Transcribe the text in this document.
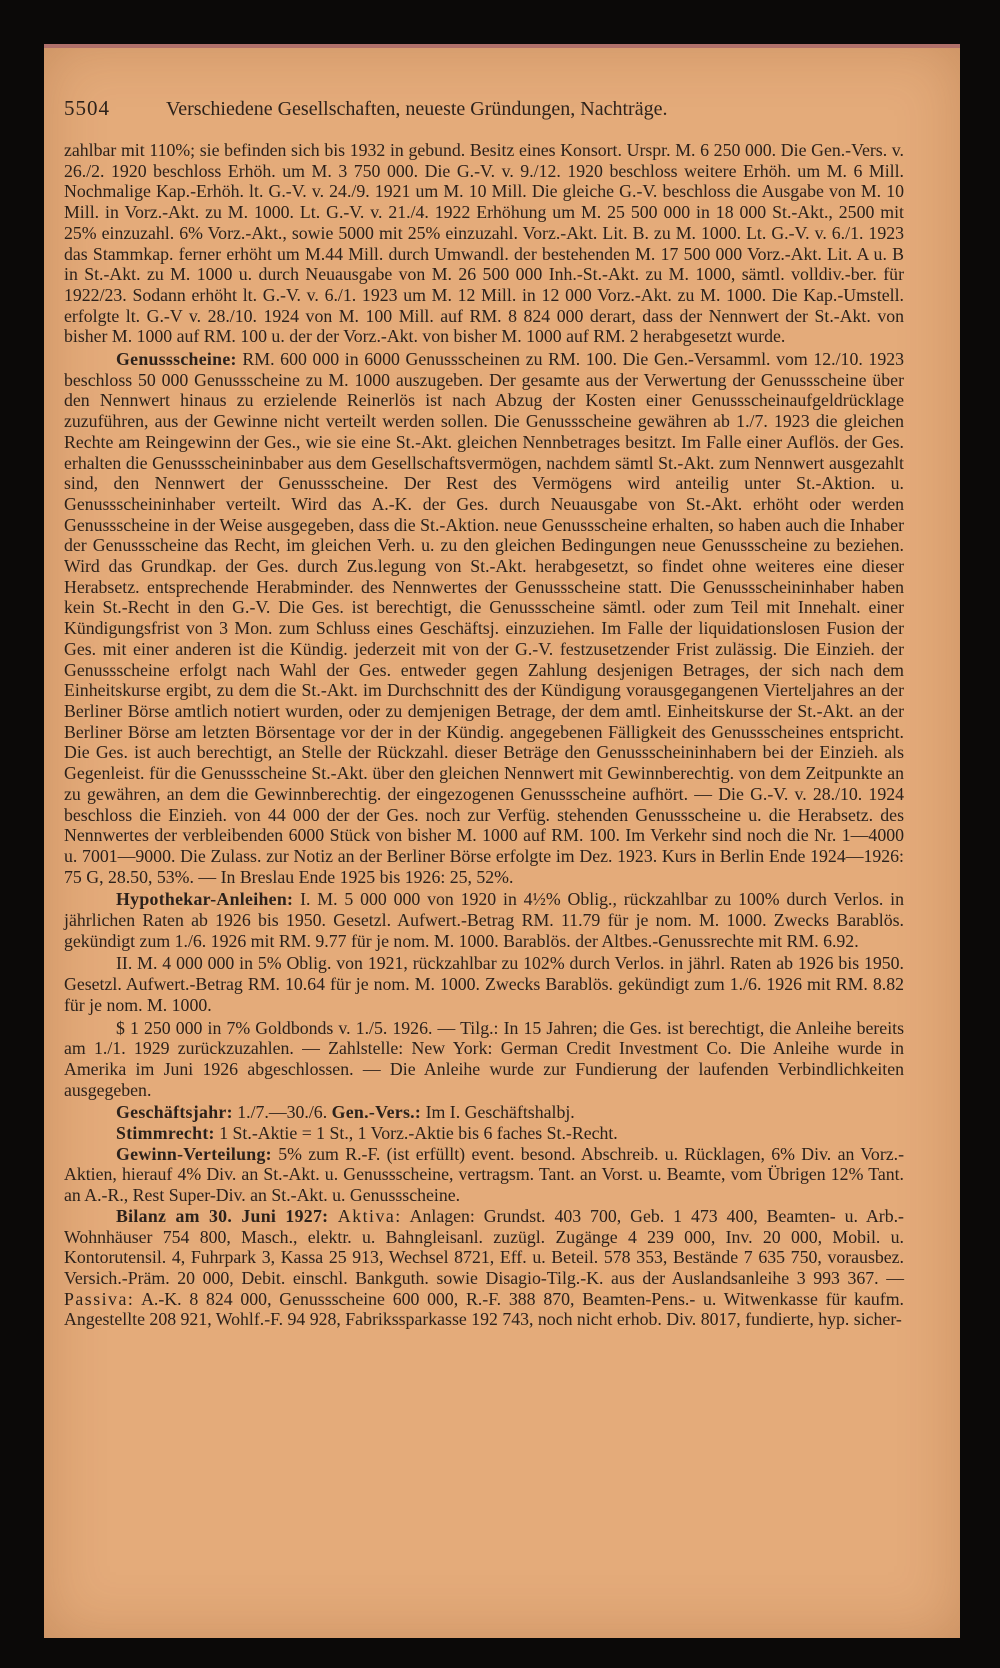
5504	Verschiedene Gesellschaften, neueste Gründungen, Nachträge.

zahlbar mit 110%; sie befinden sich bis 1932 in gebund. Besitz eines Konsort. Urspr. M. 6 250 000. Die Gen.-Vers. v. 26./2. 1920 beschloss Erhöh. um M. 3 750 000. Die G.-V. v. 9./12. 1920 beschloss weitere Erhöh. um M. 6 Mill. Nochmalige Kap.-Erhöh. lt. G.-V. v. 24./9. 1921 um M. 10 Mill. Die gleiche G.-V. beschloss die Ausgabe von M. 10 Mill. in Vorz.-Akt. zu M. 1000. Lt. G.-V. v. 21./4. 1922 Erhöhung um M. 25 500 000 in 18 000 St.-Akt., 2500 mit 25% einzuzahl. 6% Vorz.-Akt., sowie 5000 mit 25% einzuzahl. Vorz.-Akt. Lit. B. zu M. 1000. Lt. G.-V. v. 6./1. 1923 das Stammkap. ferner erhöht um M.44 Mill. durch Umwandl. der bestehenden M. 17 500 000 Vorz.-Akt. Lit. A u. B in St.-Akt. zu M. 1000 u. durch Neuausgabe von M. 26 500 000 Inh.-St.-Akt. zu M. 1000, sämtl. volldiv.-ber. für 1922/23. Sodann erhöht lt. G.-V. v. 6./1. 1923 um M. 12 Mill. in 12 000 Vorz.-Akt. zu M. 1000. Die Kap.-Umstell. erfolgte lt. G.-V v. 28./10. 1924 von M. 100 Mill. auf RM. 8 824 000 derart, dass der Nennwert der St.-Akt. von bisher M. 1000 auf RM. 100 u. der der Vorz.-Akt. von bisher M. 1000 auf RM. 2 herabgesetzt wurde.

Genussscheine: RM. 600 000 in 6000 Genussscheinen zu RM. 100. Die Gen.-Versamml. vom 12./10. 1923 beschloss 50 000 Genussscheine zu M. 1000 auszugeben. Der gesamte aus der Verwertung der Genussscheine über den Nennwert hinaus zu erzielende Reinerlös ist nach Abzug der Kosten einer Genussscheinaufgeldrücklage zuzuführen, aus der Gewinne nicht verteilt werden sollen. Die Genussscheine gewähren ab 1./7. 1923 die gleichen Rechte am Reingewinn der Ges., wie sie eine St.-Akt. gleichen Nennbetrages besitzt. Im Falle einer Auflös. der Ges. erhalten die Genussscheininbaber aus dem Gesellschaftsvermögen, nachdem sämtl St.-Akt. zum Nennwert ausgezahlt sind, den Nennwert der Genussscheine. Der Rest des Vermögens wird anteilig unter St.-Aktion. u. Genussscheininhaber verteilt. Wird das A.-K. der Ges. durch Neuausgabe von St.-Akt. erhöht oder werden Genussscheine in der Weise ausgegeben, dass die St.-Aktion. neue Genussscheine erhalten, so haben auch die Inhaber der Genussscheine das Recht, im gleichen Verh. u. zu den gleichen Bedingungen neue Genussscheine zu beziehen. Wird das Grundkap. der Ges. durch Zus.legung von St.-Akt. herabgesetzt, so findet ohne weiteres eine dieser Herabsetz. entsprechende Herabminder. des Nennwertes der Genussscheine statt. Die Genussscheininhaber haben kein St.-Recht in den G.-V. Die Ges. ist berechtigt, die Genussscheine sämtl. oder zum Teil mit Innehalt. einer Kündigungsfrist von 3 Mon. zum Schluss eines Geschäftsj. einzuziehen. Im Falle der liquidationslosen Fusion der Ges. mit einer anderen ist die Kündig. jederzeit mit von der G.-V. festzusetzender Frist zulässig. Die Einzieh. der Genussscheine erfolgt nach Wahl der Ges. entweder gegen Zahlung desjenigen Betrages, der sich nach dem Einheitskurse ergibt, zu dem die St.-Akt. im Durchschnitt des der Kündigung vorausgegangenen Vierteljahres an der Berliner Börse amtlich notiert wurden, oder zu demjenigen Betrage, der dem amtl. Einheitskurse der St.-Akt. an der Berliner Börse am letzten Börsentage vor der in der Kündig. angegebenen Fälligkeit des Genussscheines entspricht. Die Ges. ist auch berechtigt, an Stelle der Rückzahl. dieser Beträge den Genussscheininhabern bei der Einzieh. als Gegenleist. für die Genussscheine St.-Akt. über den gleichen Nennwert mit Gewinnberechtig. von dem Zeitpunkte an zu gewähren, an dem die Gewinnberechtig. der eingezogenen Genussscheine aufhört. — Die G.-V. v. 28./10. 1924 beschloss die Einzieh. von 44 000 der der Ges. noch zur Verfüg. stehenden Genussscheine u. die Herabsetz. des Nennwertes der verbleibenden 6000 Stück von bisher M. 1000 auf RM. 100. Im Verkehr sind noch die Nr. 1—4000 u. 7001—9000. Die Zulass. zur Notiz an der Berliner Börse erfolgte im Dez. 1923. Kurs in Berlin Ende 1924—1926: 75 G, 28.50, 53%. — In Breslau Ende 1925 bis 1926: 25, 52%.

Hypothekar-Anleihen: I. M. 5 000 000 von 1920 in 4½% Oblig., rückzahlbar zu 100% durch Verlos. in jährlichen Raten ab 1926 bis 1950. Gesetzl. Aufwert.-Betrag RM. 11.79 für je nom. M. 1000. Zwecks Barablös. gekündigt zum 1./6. 1926 mit RM. 9.77 für je nom. M. 1000. Barablös. der Altbes.-Genussrechte mit RM. 6.92.

II. M. 4 000 000 in 5% Oblig. von 1921, rückzahlbar zu 102% durch Verlos. in jährl. Raten ab 1926 bis 1950. Gesetzl. Aufwert.-Betrag RM. 10.64 für je nom. M. 1000. Zwecks Barablös. gekündigt zum 1./6. 1926 mit RM. 8.82 für je nom. M. 1000.

$ 1 250 000 in 7% Goldbonds v. 1./5. 1926. — Tilg.: In 15 Jahren; die Ges. ist berechtigt, die Anleihe bereits am 1./1. 1929 zurückzuzahlen. — Zahlstelle: New York: German Credit Investment Co. Die Anleihe wurde in Amerika im Juni 1926 abgeschlossen. — Die Anleihe wurde zur Fundierung der laufenden Verbindlichkeiten ausgegeben.

Geschäftsjahr: 1./7.—30./6. Gen.-Vers.: Im I. Geschäftshalbj.

Stimmrecht: 1 St.-Aktie = 1 St., 1 Vorz.-Aktie bis 6 faches St.-Recht.

Gewinn-Verteilung: 5% zum R.-F. (ist erfüllt) event. besond. Abschreib. u. Rücklagen, 6% Div. an Vorz.-Aktien, hierauf 4% Div. an St.-Akt. u. Genussscheine, vertragsm. Tant. an Vorst. u. Beamte, vom Übrigen 12% Tant. an A.-R., Rest Super-Div. an St.-Akt. u. Genussscheine.

Bilanz am 30. Juni 1927: Aktiva: Anlagen: Grundst. 403 700, Geb. 1 473 400, Beamten- u. Arb.-Wohnhäuser 754 800, Masch., elektr. u. Bahngleisanl. zuzügl. Zugänge 4 239 000, Inv. 20 000, Mobil. u. Kontorutensil. 4, Fuhrpark 3, Kassa 25 913, Wechsel 8721, Eff. u. Beteil. 578 353, Bestände 7 635 750, vorausbez. Versich.-Präm. 20 000, Debit. einschl. Bankguth. sowie Disagio-Tilg.-K. aus der Auslandsanleihe 3 993 367. — Passiva: A.-K. 8 824 000, Genussscheine 600 000, R.-F. 388 870, Beamten-Pens.- u. Witwenkasse für kaufm. Angestellte 208 921, Wohlf.-F. 94 928, Fabrikssparkasse 192 743, noch nicht erhob. Div. 8017, fundierte, hyp. sicher-
